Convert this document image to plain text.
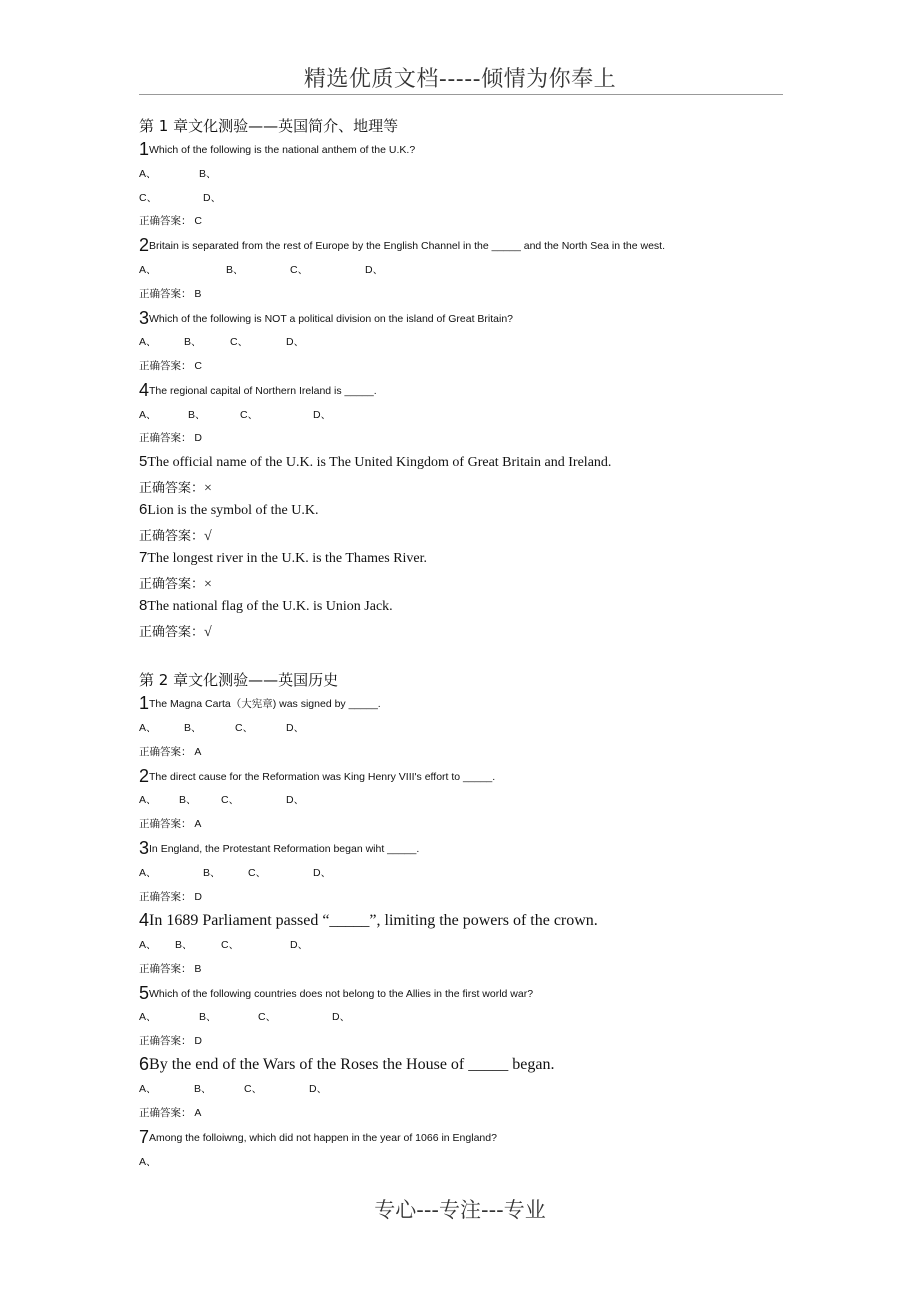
精选优质文档-----倾情为你奉上
第 1 章文化测验——英国简介、地理等
1Which of the following is the national anthem of the U.K.?
A、	B、
C、	D、
正确答案： C
2Britain is separated from the rest of Europe by the English Channel in the _____ and the North Sea in the west.
A、	B、	C、	D、
正确答案： B
3Which of the following is NOT a political division on the island of Great Britain?
A、	B、	C、	D、
正确答案： C
4The regional capital of Northern Ireland is _____.
A、	B、	C、	D、
正确答案： D
5The official name of the U.K. is The United Kingdom of Great Britain and Ireland.
正确答案：×
6Lion is the symbol of the U.K.
正确答案：√
7The longest river in the U.K. is the Thames River.
正确答案：×
8The national flag of the U.K. is Union Jack.
正确答案：√
第 2 章文化测验——英国历史
1The Magna Carta（大宪章) was signed by _____.
A、	B、	C、	D、
正确答案： A
2The direct cause for the Reformation was King Henry VIII's effort to _____.
A、 B、 C、	D、
正确答案： A
3In England, the Protestant Reformation began wiht _____.
A、	B、	C、	D、
正确答案： D
4In 1689 Parliament passed “_____”, limiting the powers of the crown.
A、 B、	C、	D、
正确答案： B
5Which of the following countries does not belong to the Allies in the first world war?
A、	B、	C、	D、
正确答案： D
6By the end of the Wars of the Roses the House of _____ began.
A、	B、	C、	D、
正确答案： A
7Among the folloiwng, which did not happen in the year of 1066 in England?
A、
专心---专注---专业
